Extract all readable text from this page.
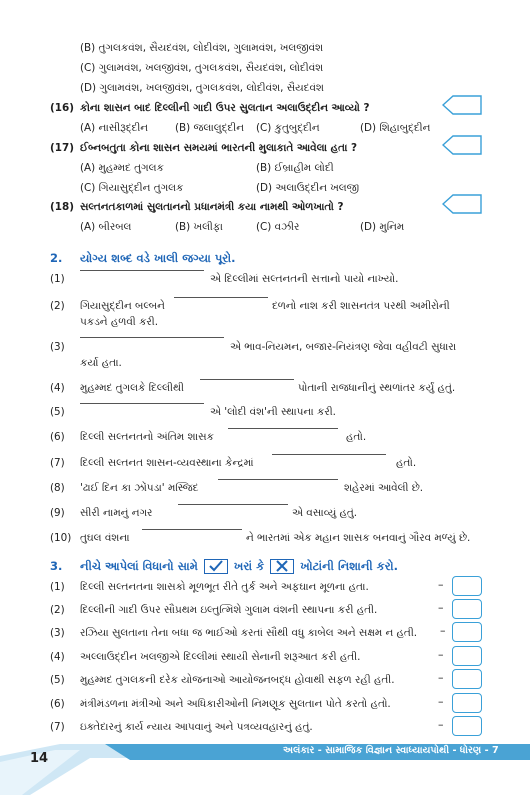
(B) તુગલકવંશ, સૈયદવંશ, લોદીવંશ, ગુલામવંશ, ખલજીવંશ
(C) ગુલામવંશ, ખલજીવંશ, તુગલકવંશ, સૈયદવંશ, લોદીવંશ
(D) ગુલામવંશ, ખલજીવંશ, તુગલકવંશ, લોદીવંશ, સૈયદવંશ
(16) કોના શાસન બાદ દિલ્લીની ગાદી ઉપર સુલતાન અલાઉદ્દીન આવ્યો ?
(A) નાસીરૂદ્દીન	(B) જલાલુદ્દીન (C) કુતુબુદ્દીન	(D) શિહાબુદ્દીન
(17) ઈબ્નબતુતા કોના શાસન સમયમાં ભારતની મુલાકાતે આવેલા હતા ?
(A) મુહમ્મદ તુગલક	(B) ઈબ્રાહીમ લોદી
(C) ગિયાસુદ્દીન તુગલક	(D) અલાઉદ્દીન ખલજી
(18) સલ્તનતકાળમાં સુલતાનનો પ્રધાનમંત્રી કયા નામથી ઓળખાતો ?
(A) બીરબલ	(B) ખલીફા	(C) વઝીર	(D) મુનિમ
2. યોગ્ય શબ્દ વડે ખાલી જગ્યા પૂરો.
(1)	એ દિલ્લીમાં સલ્તનતની સત્તાનો પાયો નાખ્યો.
(2) ગિયાસુદ્દીન બલ્બને	દળનો નાશ કરી શાસનતંત્ર પરથી અમીરોની
પકડને હળવી કરી.
(3)	એ ભાવ-નિયમન, બજાર-નિયંત્રણ જેવા વહીવટી સુધારા
કર્યા હતા.
(4) મુહમ્મદ તુગલકે દિલ્લીથી	પોતાની રાજધાનીનું સ્થળાંતર કર્યું હતું.
(5)	એ 'લોદી વંશ'ની સ્થાપના કરી.
(6) દિલ્લી સલ્તનતનો અંતિમ શાસક	હતો.
(7) દિલ્લી સલ્તનત શાસન-વ્યવસ્થાના કેન્દ્રમાં	હતો.
(8) 'ઢાઈ દિન કા ઝોંપડા' મસ્જિદ	શહેરમાં આવેલી છે.
(9) સીરી નામનું નગર	એ વસાવ્યું હતું.
(10) તુઘલ વંશના	ને ભારતમાં એક મહાન શાસક બનવાનું ગૌરવ મળ્યું છે.
3. નીચે આપેલાં વિધાનો સામે	ખરાં કે	ખોટાંની નિશાની કરો.
(1) દિલ્લી સલ્તનતના શાસકો મૂળભૂત રીતે તુર્ક અને અફઘાન મૂળના હતા.	–
(2) દિલ્લીની ગાદી ઉપર સૌપ્રથમ ઇલ્તુત્મિશે ગુલામ વંશની સ્થાપના કરી હતી.	–
(3) રઝિયા સુલતાના તેના બધા જ ભાઈઓ કરતાં સૌથી વધુ કાબેલ અને સક્ષમ ન હતી. –
(4) અલ્લાઉદ્દીન ખલજીએ દિલ્લીમાં સ્થાયી સેનાની શરૂઆત કરી હતી.	–
(5) મુહમ્મદ તુગલકની દરેક યોજનાઓ આયોજનબદ્ધ હોવાથી સફળ રહી હતી.	–
(6) મંત્રીમંડળના મંત્રીઓ અને અધિકારીઓની નિમણૂક સુલતાન પોતે કરતો હતો.	–
(7) ઇક્તેદારનું કાર્ય ન્યાય આપવાનું અને પત્રવ્યવહારનું હતું.	–
14
અલંકાર - સામાજિક વિજ્ઞાન સ્વાધ્યાયપોથી - ધોરણ - 7
